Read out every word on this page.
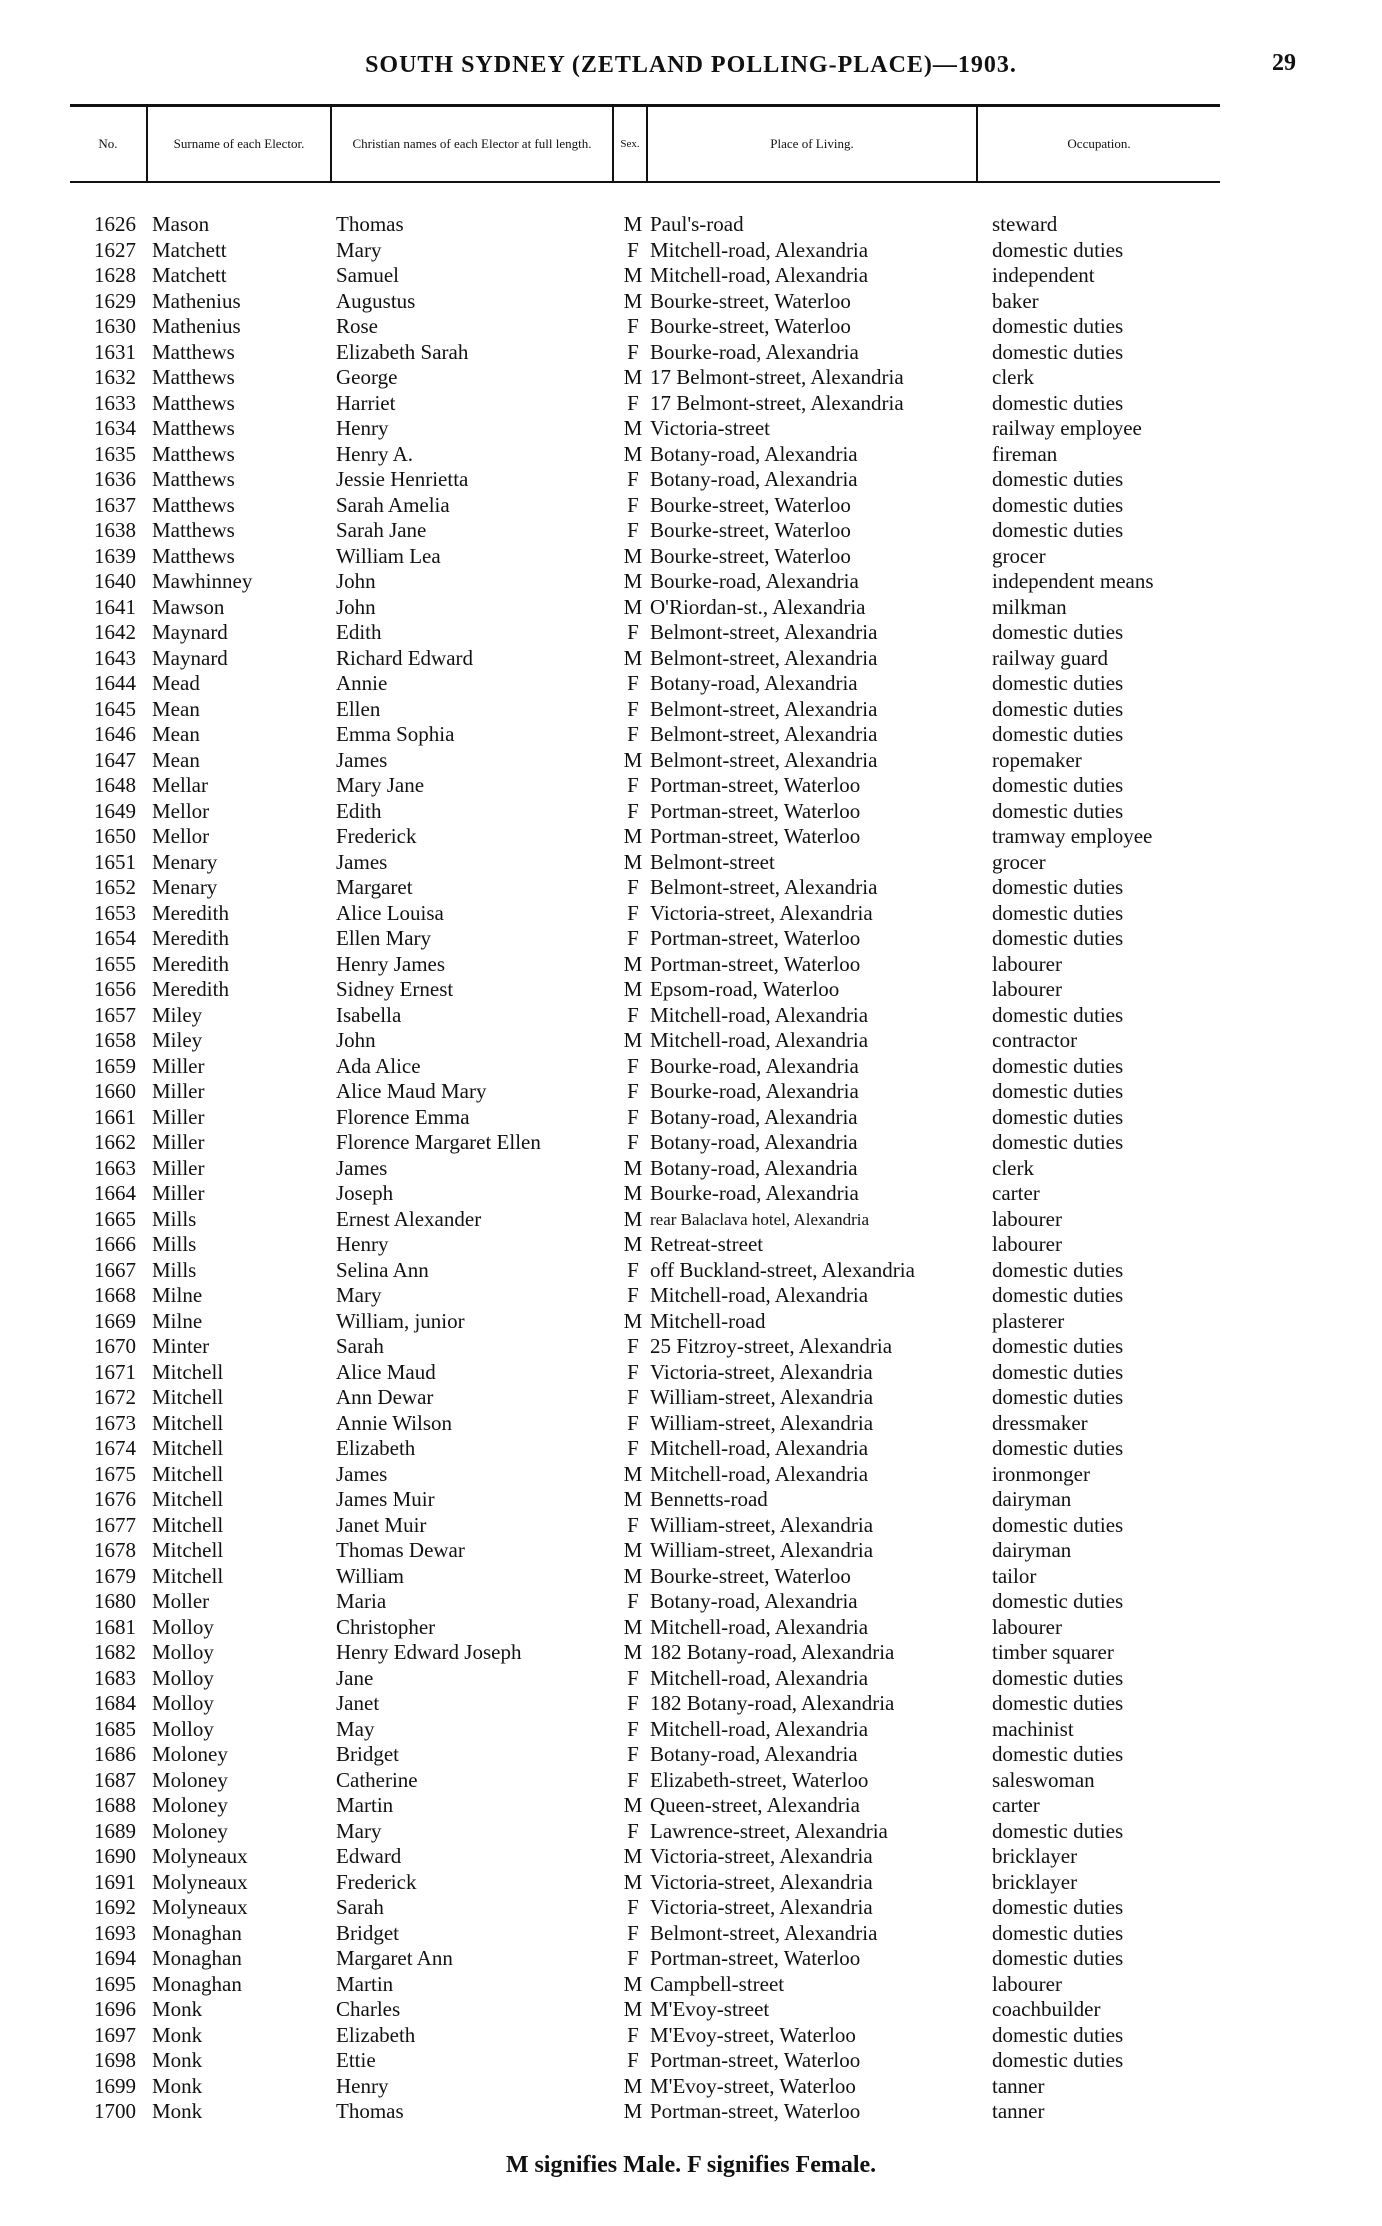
SOUTH SYDNEY (ZETLAND POLLING-PLACE)—1903.	29
No.	Surname of each Elector.	Christian names of each Elector at full length.	Sex.	Place of Living.	Occupation.
1626 Mason	Thomas	M Paul's-road	steward
1627 Matchett	Mary	F Mitchell-road, Alexandria	domestic duties
1628 Matchett	Samuel	M Mitchell-road, Alexandria	independent
1629 Mathenius	Augustus	M Bourke-street, Waterloo	baker
1630 Mathenius	Rose	F Bourke-street, Waterloo	domestic duties
1631 Matthews	Elizabeth Sarah	F Bourke-road, Alexandria	domestic duties
1632 Matthews	George	M 17 Belmont-street, Alexandria	clerk
1633 Matthews	Harriet	F 17 Belmont-street, Alexandria	domestic duties
1634 Matthews	Henry	M Victoria-street	railway employee
1635 Matthews	Henry A.	M Botany-road, Alexandria	fireman
1636 Matthews	Jessie Henrietta	F Botany-road, Alexandria	domestic duties
1637 Matthews	Sarah Amelia	F Bourke-street, Waterloo	domestic duties
1638 Matthews	Sarah Jane	F Bourke-street, Waterloo	domestic duties
1639 Matthews	William Lea	M Bourke-street, Waterloo	grocer
1640 Mawhinney	John	M Bourke-road, Alexandria	independent means
1641 Mawson	John	M O'Riordan-st., Alexandria	milkman
1642 Maynard	Edith	F Belmont-street, Alexandria	domestic duties
1643 Maynard	Richard Edward	M Belmont-street, Alexandria	railway guard
1644 Mead	Annie	F Botany-road, Alexandria	domestic duties
1645 Mean	Ellen	F Belmont-street, Alexandria	domestic duties
1646 Mean	Emma Sophia	F Belmont-street, Alexandria	domestic duties
1647 Mean	James	M Belmont-street, Alexandria	ropemaker
1648 Mellar	Mary Jane	F Portman-street, Waterloo	domestic duties
1649 Mellor	Edith	F Portman-street, Waterloo	domestic duties
1650 Mellor	Frederick	M Portman-street, Waterloo	tramway employee
1651 Menary	James	M Belmont-street	grocer
1652 Menary	Margaret	F Belmont-street, Alexandria	domestic duties
1653 Meredith	Alice Louisa	F Victoria-street, Alexandria	domestic duties
1654 Meredith	Ellen Mary	F Portman-street, Waterloo	domestic duties
1655 Meredith	Henry James	M Portman-street, Waterloo	labourer
1656 Meredith	Sidney Ernest	M Epsom-road, Waterloo	labourer
1657 Miley	Isabella	F Mitchell-road, Alexandria	domestic duties
1658 Miley	John	M Mitchell-road, Alexandria	contractor
1659 Miller	Ada Alice	F Bourke-road, Alexandria	domestic duties
1660 Miller	Alice Maud Mary	F Bourke-road, Alexandria	domestic duties
1661 Miller	Florence Emma	F Botany-road, Alexandria	domestic duties
1662 Miller	Florence Margaret Ellen	F Botany-road, Alexandria	domestic duties
1663 Miller	James	M Botany-road, Alexandria	clerk
1664 Miller	Joseph	M Bourke-road, Alexandria	carter
1665 Mills	Ernest Alexander	M rear Balaclava hotel, Alexandria	labourer
1666 Mills	Henry	M Retreat-street	labourer
1667 Mills	Selina Ann	F off Buckland-street, Alexandria	domestic duties
1668 Milne	Mary	F Mitchell-road, Alexandria	domestic duties
1669 Milne	William, junior	M Mitchell-road	plasterer
1670 Minter	Sarah	F 25 Fitzroy-street, Alexandria	domestic duties
1671 Mitchell	Alice Maud	F Victoria-street, Alexandria	domestic duties
1672 Mitchell	Ann Dewar	F William-street, Alexandria	domestic duties
1673 Mitchell	Annie Wilson	F William-street, Alexandria	dressmaker
1674 Mitchell	Elizabeth	F Mitchell-road, Alexandria	domestic duties
1675 Mitchell	James	M Mitchell-road, Alexandria	ironmonger
1676 Mitchell	James Muir	M Bennetts-road	dairyman
1677 Mitchell	Janet Muir	F William-street, Alexandria	domestic duties
1678 Mitchell	Thomas Dewar	M William-street, Alexandria	dairyman
1679 Mitchell	William	M Bourke-street, Waterloo	tailor
1680 Moller	Maria	F Botany-road, Alexandria	domestic duties
1681 Molloy	Christopher	M Mitchell-road, Alexandria	labourer
1682 Molloy	Henry Edward Joseph	M 182 Botany-road, Alexandria	timber squarer
1683 Molloy	Jane	F Mitchell-road, Alexandria	domestic duties
1684 Molloy	Janet	F 182 Botany-road, Alexandria	domestic duties
1685 Molloy	May	F Mitchell-road, Alexandria	machinist
1686 Moloney	Bridget	F Botany-road, Alexandria	domestic duties
1687 Moloney	Catherine	F Elizabeth-street, Waterloo	saleswoman
1688 Moloney	Martin	M Queen-street, Alexandria	carter
1689 Moloney	Mary	F Lawrence-street, Alexandria	domestic duties
1690 Molyneaux	Edward	M Victoria-street, Alexandria	bricklayer
1691 Molyneaux	Frederick	M Victoria-street, Alexandria	bricklayer
1692 Molyneaux	Sarah	F Victoria-street, Alexandria	domestic duties
1693 Monaghan	Bridget	F Belmont-street, Alexandria	domestic duties
1694 Monaghan	Margaret Ann	F Portman-street, Waterloo	domestic duties
1695 Monaghan	Martin	M Campbell-street	labourer
1696 Monk	Charles	M M'Evoy-street	coachbuilder
1697 Monk	Elizabeth	F M'Evoy-street, Waterloo	domestic duties
1698 Monk	Ettie	F Portman-street, Waterloo	domestic duties
1699 Monk	Henry	M M'Evoy-street, Waterloo	tanner
1700 Monk	Thomas	M Portman-street, Waterloo	tanner
M signifies Male. F signifies Female.
